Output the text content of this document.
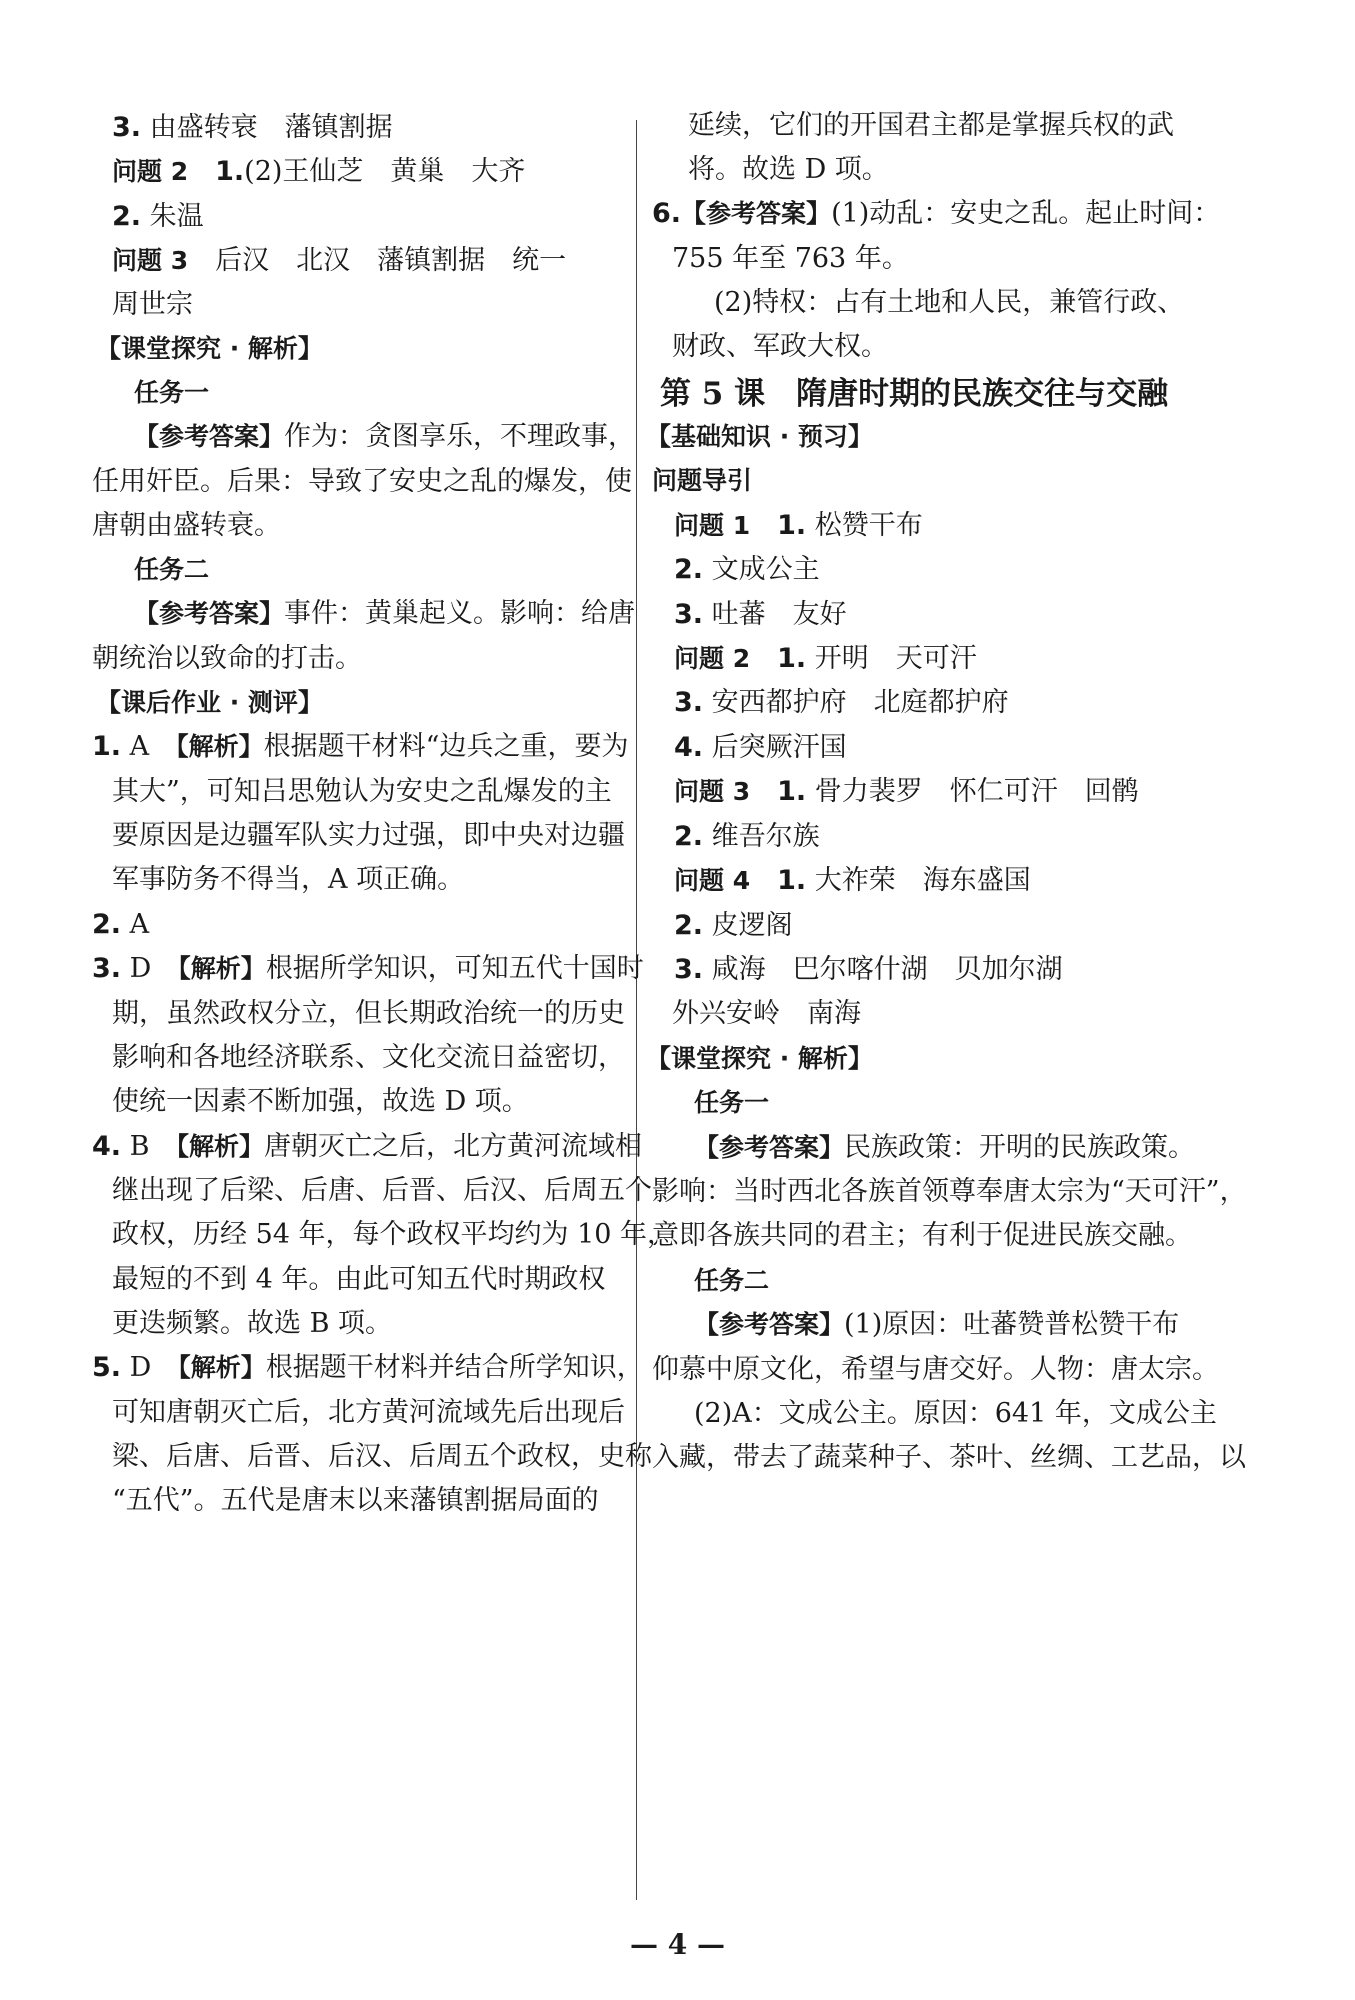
3. 由盛转衰　藩镇割据
问题 2　 1.(2)王仙芝　黄巢　大齐
2. 朱温
问题 3　 后汉　北汉　藩镇割据　统一
周世宗
【课堂探究 · 解析】
任务一
【参考答案】作为：贪图享乐，不理政事，
任用奸臣。后果：导致了安史之乱的爆发，使
唐朝由盛转衰。
任务二
【参考答案】事件：黄巢起义。影响：给唐
朝统治以致命的打击。
【课后作业 · 测评】
1. A　 【解析】根据题干材料“边兵之重，要为
其大”，可知吕思勉认为安史之乱爆发的主
要原因是边疆军队实力过强，即中央对边疆
军事防务不得当，A 项正确。
2. A
3. D　 【解析】根据所学知识，可知五代十国时
期，虽然政权分立，但长期政治统一的历史
影响和各地经济联系、文化交流日益密切，
使统一因素不断加强，故选 D 项。
4. B　 【解析】唐朝灭亡之后，北方黄河流域相
继出现了后梁、后唐、后晋、后汉、后周五个
政权，历经 54 年，每个政权平均约为 10 年，
最短的不到 4 年。由此可知五代时期政权
更迭频繁。故选 B 项。
5. D　 【解析】根据题干材料并结合所学知识，
可知唐朝灭亡后，北方黄河流域先后出现后
梁、后唐、后晋、后汉、后周五个政权，史称
“五代”。五代是唐末以来藩镇割据局面的
延续，它们的开国君主都是掌握兵权的武
将。故选 D 项。
6.【参考答案】(1)动乱：安史之乱。起止时间：
755 年至 763 年。
(2)特权：占有土地和人民，兼管行政、
财政、军政大权。
第 5 课　隋唐时期的民族交往与交融
【基础知识 · 预习】
问题导引
问题 1　 1. 松赞干布
2. 文成公主
3. 吐蕃　友好
问题 2　 1. 开明　天可汗
3. 安西都护府　北庭都护府
4. 后突厥汗国
问题 3　 1. 骨力裴罗　怀仁可汗　回鹘
2. 维吾尔族
问题 4　 1. 大祚荣　海东盛国
2. 皮逻阁
3. 咸海　巴尔喀什湖　贝加尔湖
外兴安岭　南海
【课堂探究 · 解析】
任务一
【参考答案】民族政策：开明的民族政策。
影响：当时西北各族首领尊奉唐太宗为“天可汗”，
意即各族共同的君主；有利于促进民族交融。
任务二
【参考答案】(1)原因：吐蕃赞普松赞干布
仰慕中原文化，希望与唐交好。人物：唐太宗。
(2)A：文成公主。原因：641 年，文成公主
入藏，带去了蔬菜种子、茶叶、丝绸、工艺品，以
— 4 —
